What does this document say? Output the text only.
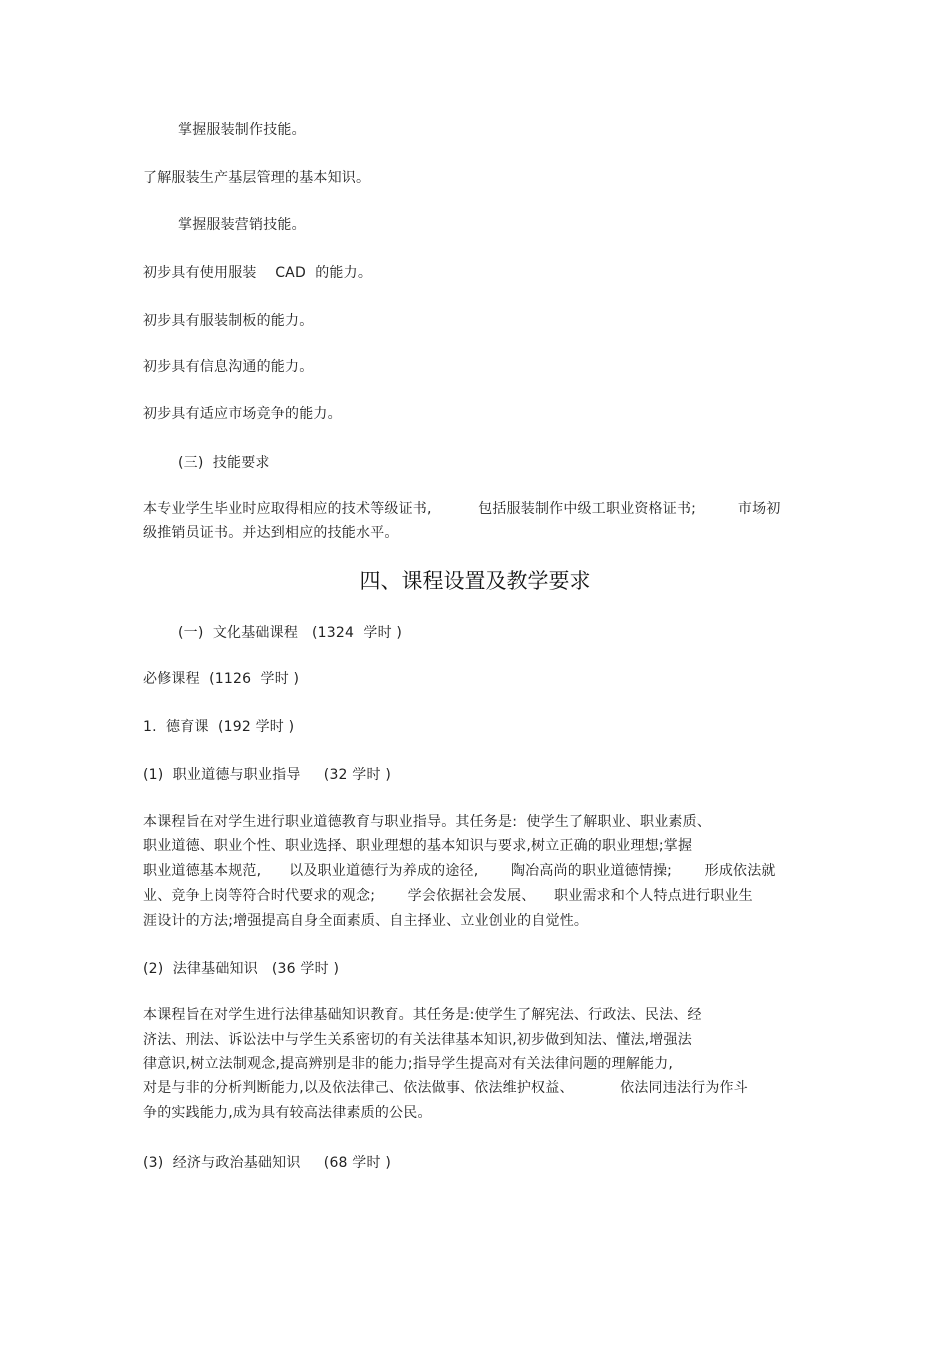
掌握服装制作技能。
了解服装生产基层管理的基本知识。
掌握服装营销技能。
初步具有使用服装    CAD  的能力。
初步具有服装制板的能力。
初步具有信息沟通的能力。
初步具有适应市场竞争的能力。
(三)  技能要求
本专业学生毕业时应取得相应的技术等级证书,          包括服装制作中级工职业资格证书;         市场初
级推销员证书。并达到相应的技能水平。
四、课程设置及教学要求
(一)  文化基础课程   (1324  学时 )
必修课程  (1126  学时 )
1.  德育课  (192 学时 )
(1)  职业道德与职业指导     (32 学时 )
本课程旨在对学生进行职业道德教育与职业指导。其任务是:  使学生了解职业、职业素质、
职业道德、职业个性、职业选择、职业理想的基本知识与要求,树立正确的职业理想;掌握
职业道德基本规范,      以及职业道德行为养成的途径,       陶冶高尚的职业道德情操;       形成依法就
业、竞争上岗等符合时代要求的观念;       学会依据社会发展、    职业需求和个人特点进行职业生
涯设计的方法;增强提高自身全面素质、自主择业、立业创业的自觉性。
(2)  法律基础知识   (36 学时 )
本课程旨在对学生进行法律基础知识教育。其任务是:使学生了解宪法、行政法、民法、经
济法、刑法、诉讼法中与学生关系密切的有关法律基本知识,初步做到知法、懂法,增强法
律意识,树立法制观念,提高辨别是非的能力;指导学生提高对有关法律问题的理解能力,
对是与非的分析判断能力,以及依法律己、依法做事、依法维护权益、          依法同违法行为作斗
争的实践能力,成为具有较高法律素质的公民。
(3)  经济与政治基础知识     (68 学时 )
